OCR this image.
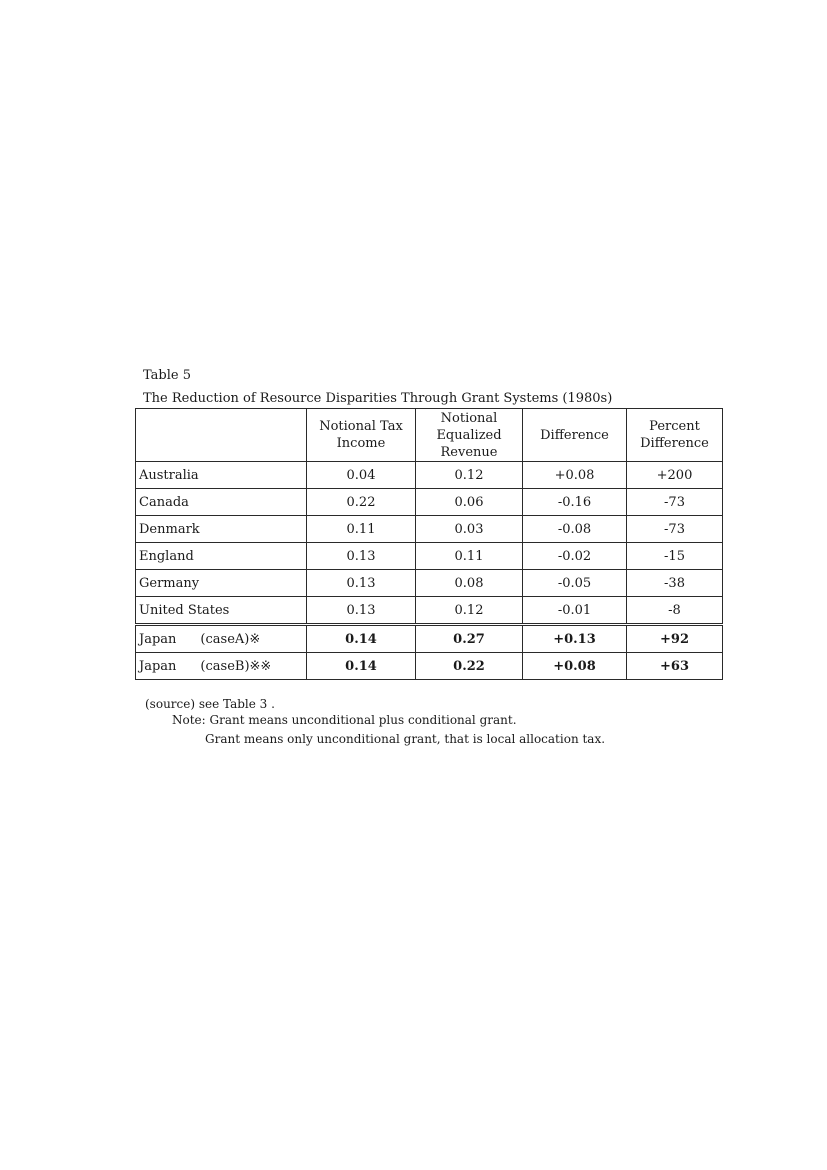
Table 5
The Reduction of Resource Disparities Through Grant Systems (1980s)
	Notional Tax Income	Notional Equalized Revenue	Difference	Percent Difference
Australia	0.04	0.12	+0.08	+200
Canada	0.22	0.06	-0.16	-73
Denmark	0.11	0.03	-0.08	-73
England	0.13	0.11	-0.02	-15
Germany	0.13	0.08	-0.05	-38
United States	0.13	0.12	-0.01	-8
Japan (caseA)※	0.14	0.27	+0.13	+92
Japan (caseB)※※	0.14	0.22	+0.08	+63
(source) see Table 3 .
Note: Grant means unconditional plus conditional grant.
Grant means only unconditional grant, that is local allocation tax.
